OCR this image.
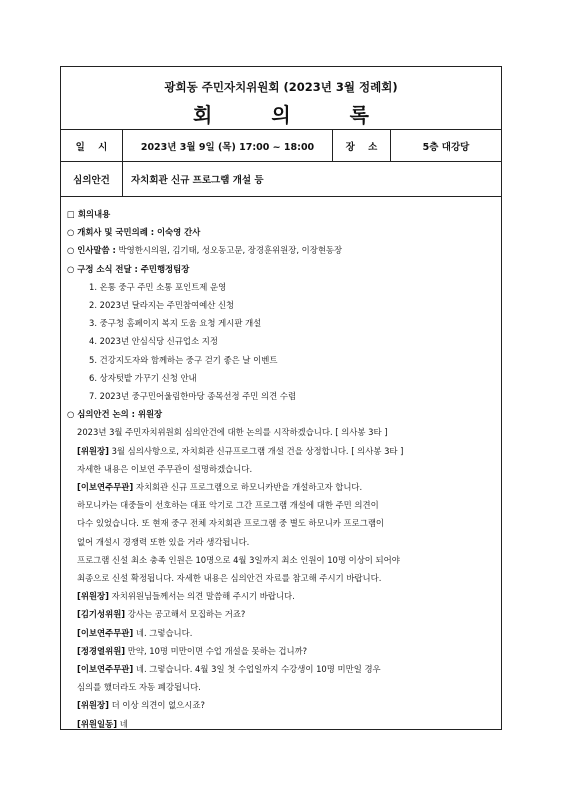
광희동 주민자치위원회 (2023년 3월 정례회)
회 의 록
일 시	2023년 3월 9일 (목) 17:00 ~ 18:00	장 소	5층 대강당
심의안건	자치회관 신규 프로그램 개설 등
□ 회의내용
○ 개회사 및 국민의례 : 이숙영 간사
○ 인사말씀 : 박영한시의원, 김기태, 성오동고문, 장경훈위원장, 이장현동장
○ 구정 소식 전달 : 주민행정팀장
1. 온통 중구 주민 소통 포인트제 운영
2. 2023년 달라지는 주민참여예산 신청
3. 중구청 홈페이지 복지 도움 요청 게시판 개설
4. 2023년 안심식당 신규업소 지정
5. 건강지도자와 함께하는 중구 걷기 좋은 날 이벤트
6. 상자텃밭 가꾸기 신청 안내
7. 2023년 중구민어울림한마당 종목선정 주민 의견 수렴
○ 심의안건 논의 : 위원장
2023년 3월 주민자치위원회 심의안건에 대한 논의를 시작하겠습니다. [ 의사봉 3타 ]
[위원장] 3월 심의사항으로, 자치회관 신규프로그램 개설 건을 상정합니다. [ 의사봉 3타 ]
자세한 내용은 이보연 주무관이 설명하겠습니다.
[이보연주무관] 자치회관 신규 프로그램으로 하모니카반을 개설하고자 합니다.
하모니카는 대중들이 선호하는 대표 악기로 그간 프로그램 개설에 대한 주민 의견이
다수 있었습니다. 또 현재 중구 전체 자치회관 프로그램 중 별도 하모니카 프로그램이
없어 개설시 경쟁력 또한 있을 거라 생각됩니다.
프로그램 신설 최소 충족 인원은 10명으로 4월 3일까지 최소 인원이 10명 이상이 되어야
최종으로 신설 확정됩니다. 자세한 내용은 심의안건 자료를 참고해 주시기 바랍니다.
[위원장] 자치위원님들께서는 의견 말씀해 주시기 바랍니다.
[김기성위원] 강사는 공고해서 모집하는 거죠?
[이보연주무관] 네. 그렇습니다.
[정경열위원] 만약, 10명 미만이면 수업 개설을 못하는 겁니까?
[이보연주무관] 네. 그렇습니다. 4월 3일 첫 수업일까지 수강생이 10명 미만일 경우
심의를 했더라도 자동 폐강됩니다.
[위원장] 더 이상 의견이 없으시죠?
[위원일동] 네
